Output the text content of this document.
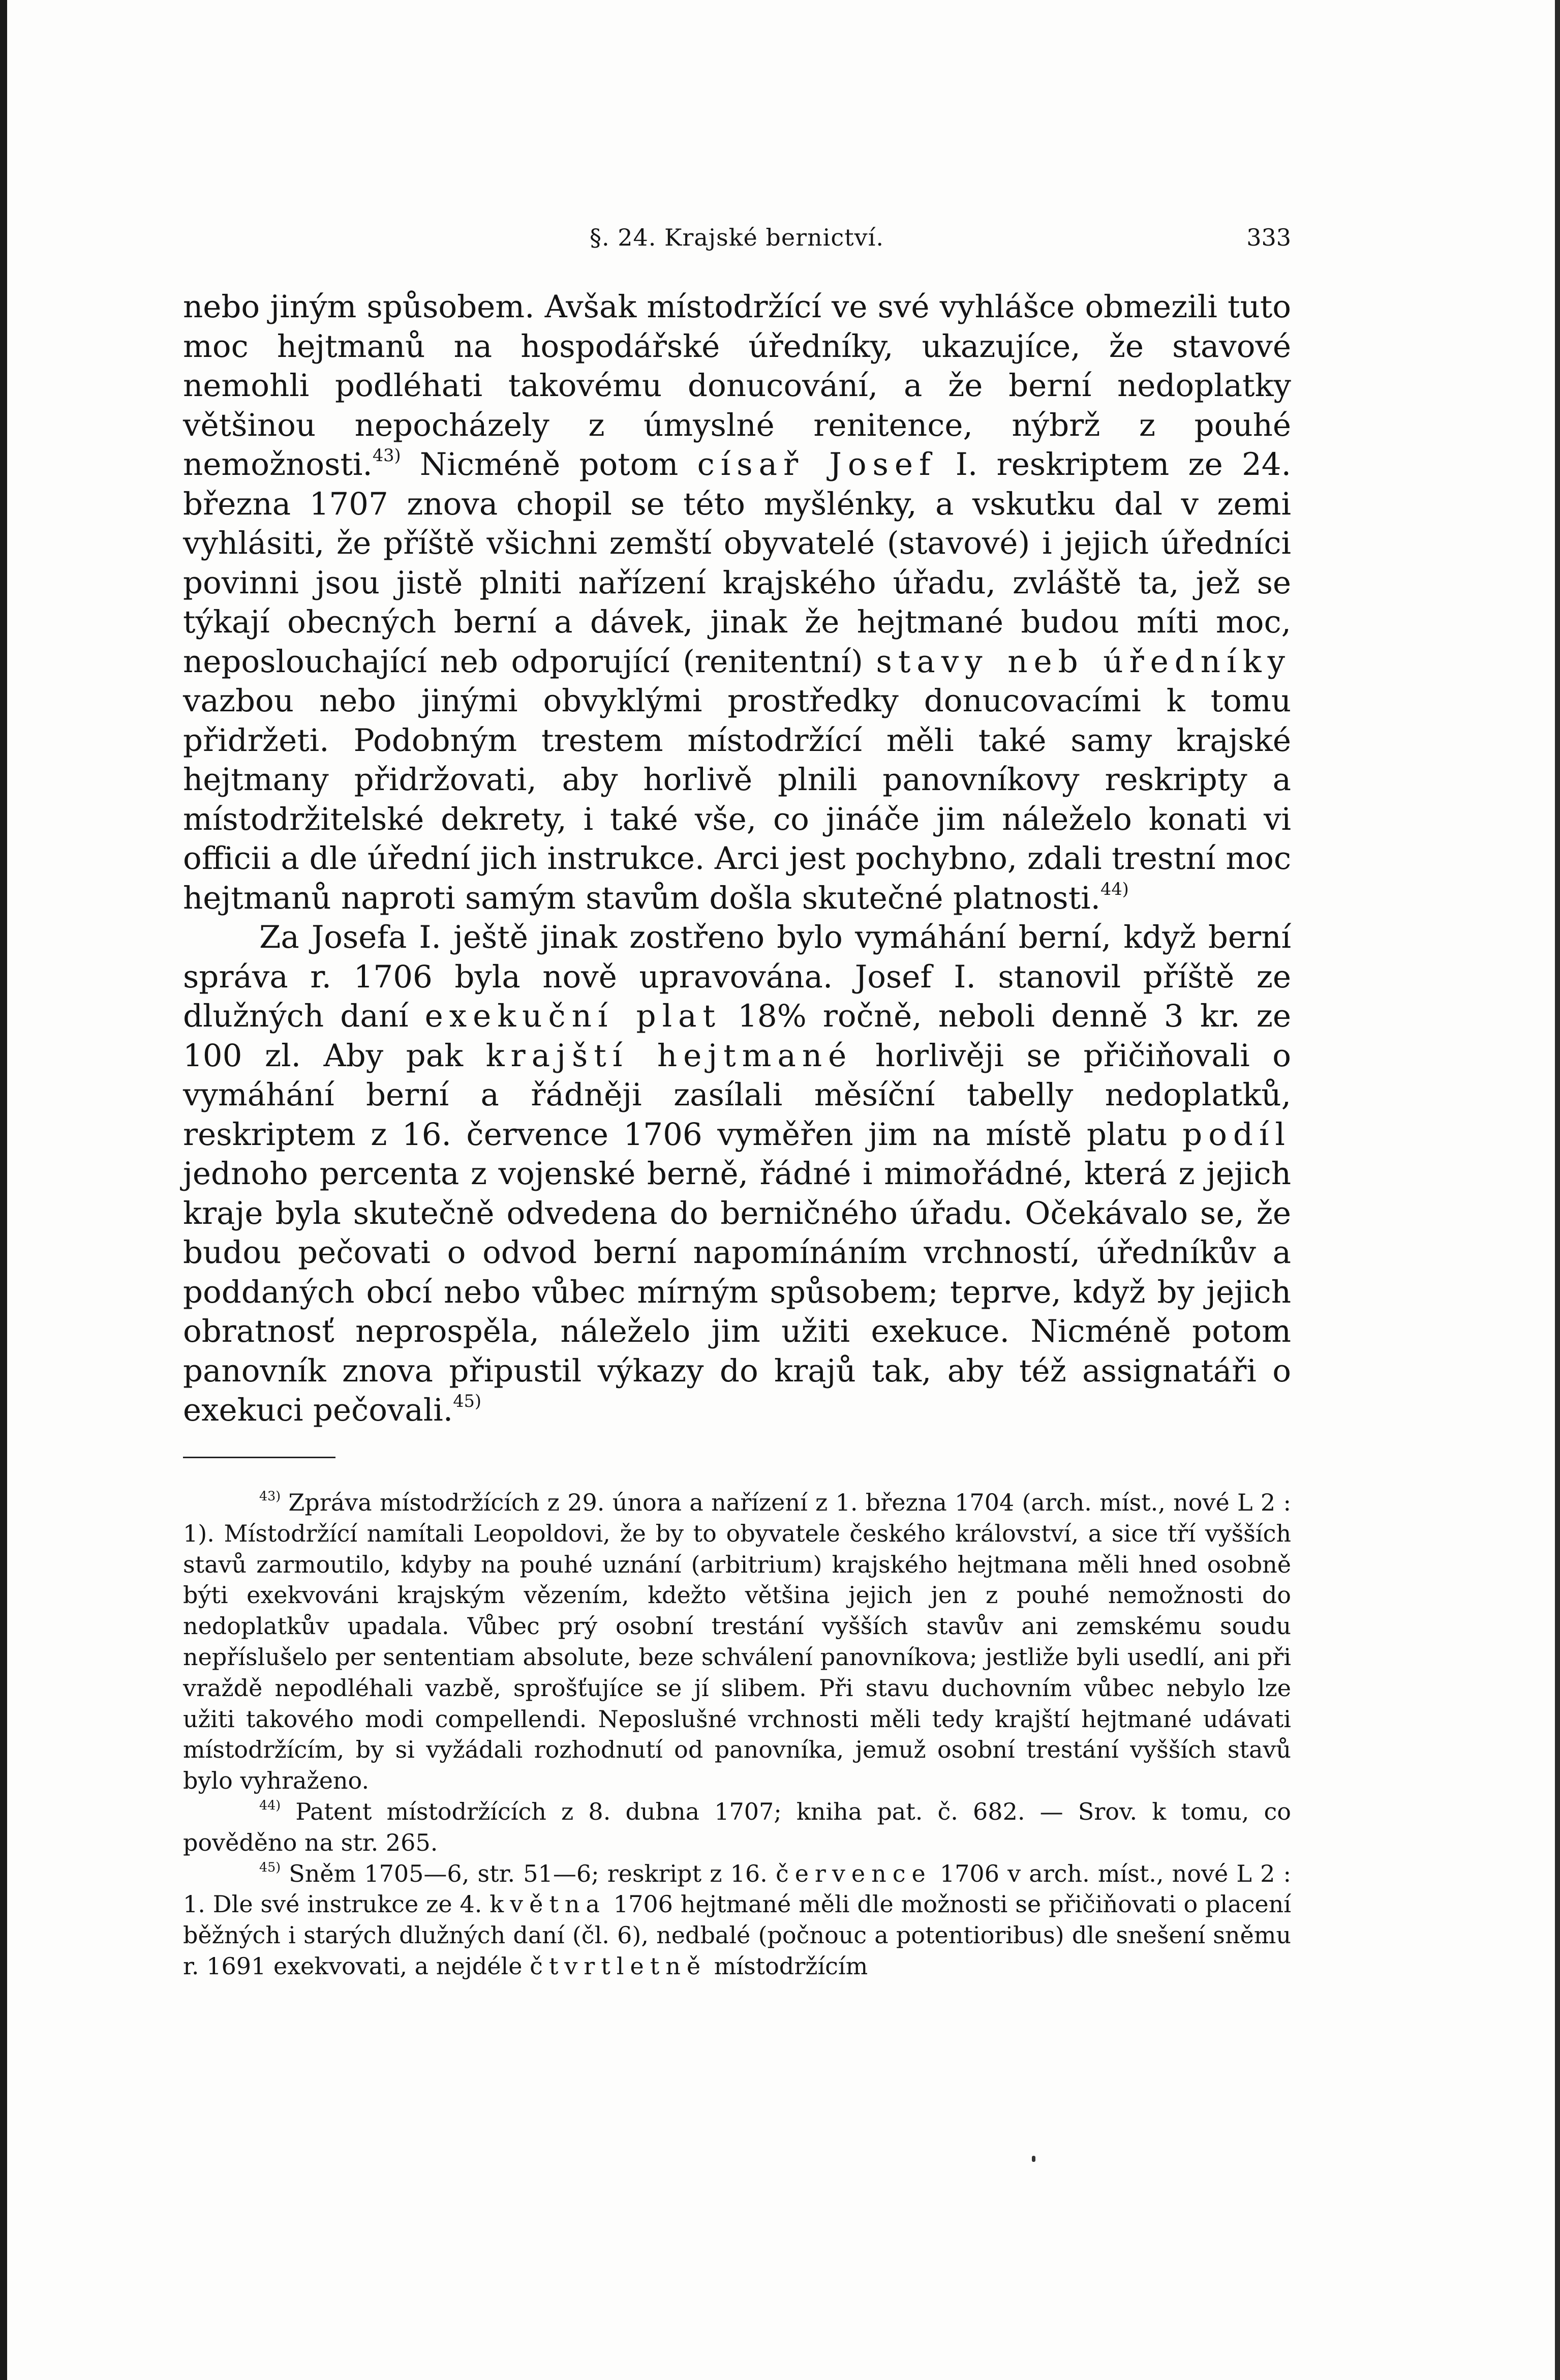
§. 24. Krajské bernictví.	333

nebo jiným spůsobem. Avšak místodržící ve své vyhlášce obmezili tuto moc hejtmanů na hospodářské úředníky, ukazujíce, že stavové nemohli podléhati takovému donucování, a že berní nedoplatky většinou nepocházely z úmyslné renitence, nýbrž z pouhé nemožnosti.$^{43)}$ Nicméně potom císař Josef I. reskriptem ze 24. března 1707 znova chopil se této myšlénky, a vskutku dal v zemi vyhlásiti, že příště všichni zemští obyvatelé (stavové) i jejich úředníci povinni jsou jistě plniti nařízení krajského úřadu, zvláště ta, jež se týkají obecných berní a dávek, jinak že hejtmané budou míti moc, neposlouchající neb odporující (renitentní) stavy neb úředníky vazbou nebo jinými obvyklými prostředky donucovacími k tomu přidržeti. Podobným trestem místodržící měli také samy krajské hejtmany přidržovati, aby horlivě plnili panovníkovy reskripty a místodržitelské dekrety, i také vše, co jináče jim náleželo konati vi officii a dle úřední jich instrukce. Arci jest pochybno, zdali trestní moc hejtmanů naproti samým stavům došla skutečné platnosti.$^{44)}$

Za Josefa I. ještě jinak zostřeno bylo vymáhání berní, když berní správa r. 1706 byla nově upravována. Josef I. stanovil příště ze dlužných daní exekuční plat 18% ročně, neboli denně 3 kr. ze 100 zl. Aby pak krajští hejtmané horlivěji se přičiňovali o vymáhání berní a řádněji zasílali měsíční tabelly nedoplatků, reskriptem z 16. července 1706 vyměřen jim na místě platu podíl jednoho percenta z vojenské berně, řádné i mimořádné, která z jejich kraje byla skutečně odvedena do berničného úřadu. Očekávalo se, že budou pečovati o odvod berní napomínáním vrchností, úředníkův a poddaných obcí nebo vůbec mírným spůsobem; teprve, když by jejich obratnosť neprospěla, náleželo jim užiti exekuce. Nicméně potom panovník znova připustil výkazy do krajů tak, aby též assignatáři o exekuci pečovali.$^{45)}$

$^{43)}$ Zpráva místodržících z 29. února a nařízení z 1. března 1704 (arch. míst., nové L 2 : 1). Místodržící namítali Leopoldovi, že by to obyvatele českého království, a sice tří vyšších stavů zarmoutilo, kdyby na pouhé uznání (arbitrium) krajského hejtmana měli hned osobně býti exekvováni krajským vězením, kdežto většina jejich jen z pouhé nemožnosti do nedoplatkův upadala. Vůbec prý osobní trestání vyšších stavův ani zemskému soudu nepříslušelo per sententiam absolute, beze schválení panovníkova; jestliže byli usedlí, ani při vraždě nepodléhali vazbě, sprošťujíce se jí slibem. Při stavu duchovním vůbec nebylo lze užiti takového modi compellendi. Neposlušné vrchnosti měli tedy krajští hejtmané udávati místodržícím, by si vyžádali rozhodnutí od panovníka, jemuž osobní trestání vyšších stavů bylo vyhraženo.

$^{44)}$ Patent místodržících z 8. dubna 1707; kniha pat. č. 682. — Srov. k tomu, co pověděno na str. 265.

$^{45)}$ Sněm 1705—6, str. 51—6; reskript z 16. července 1706 v arch. míst., nové L 2 : 1. Dle své instrukce ze 4. května 1706 hejtmané měli dle možnosti se přičiňovati o placení běžných i starých dlužných daní (čl. 6), nedbalé (počnouc a potentioribus) dle snešení sněmu r. 1691 exekvovati, a nejdéle čtvrtletně místodržícím
